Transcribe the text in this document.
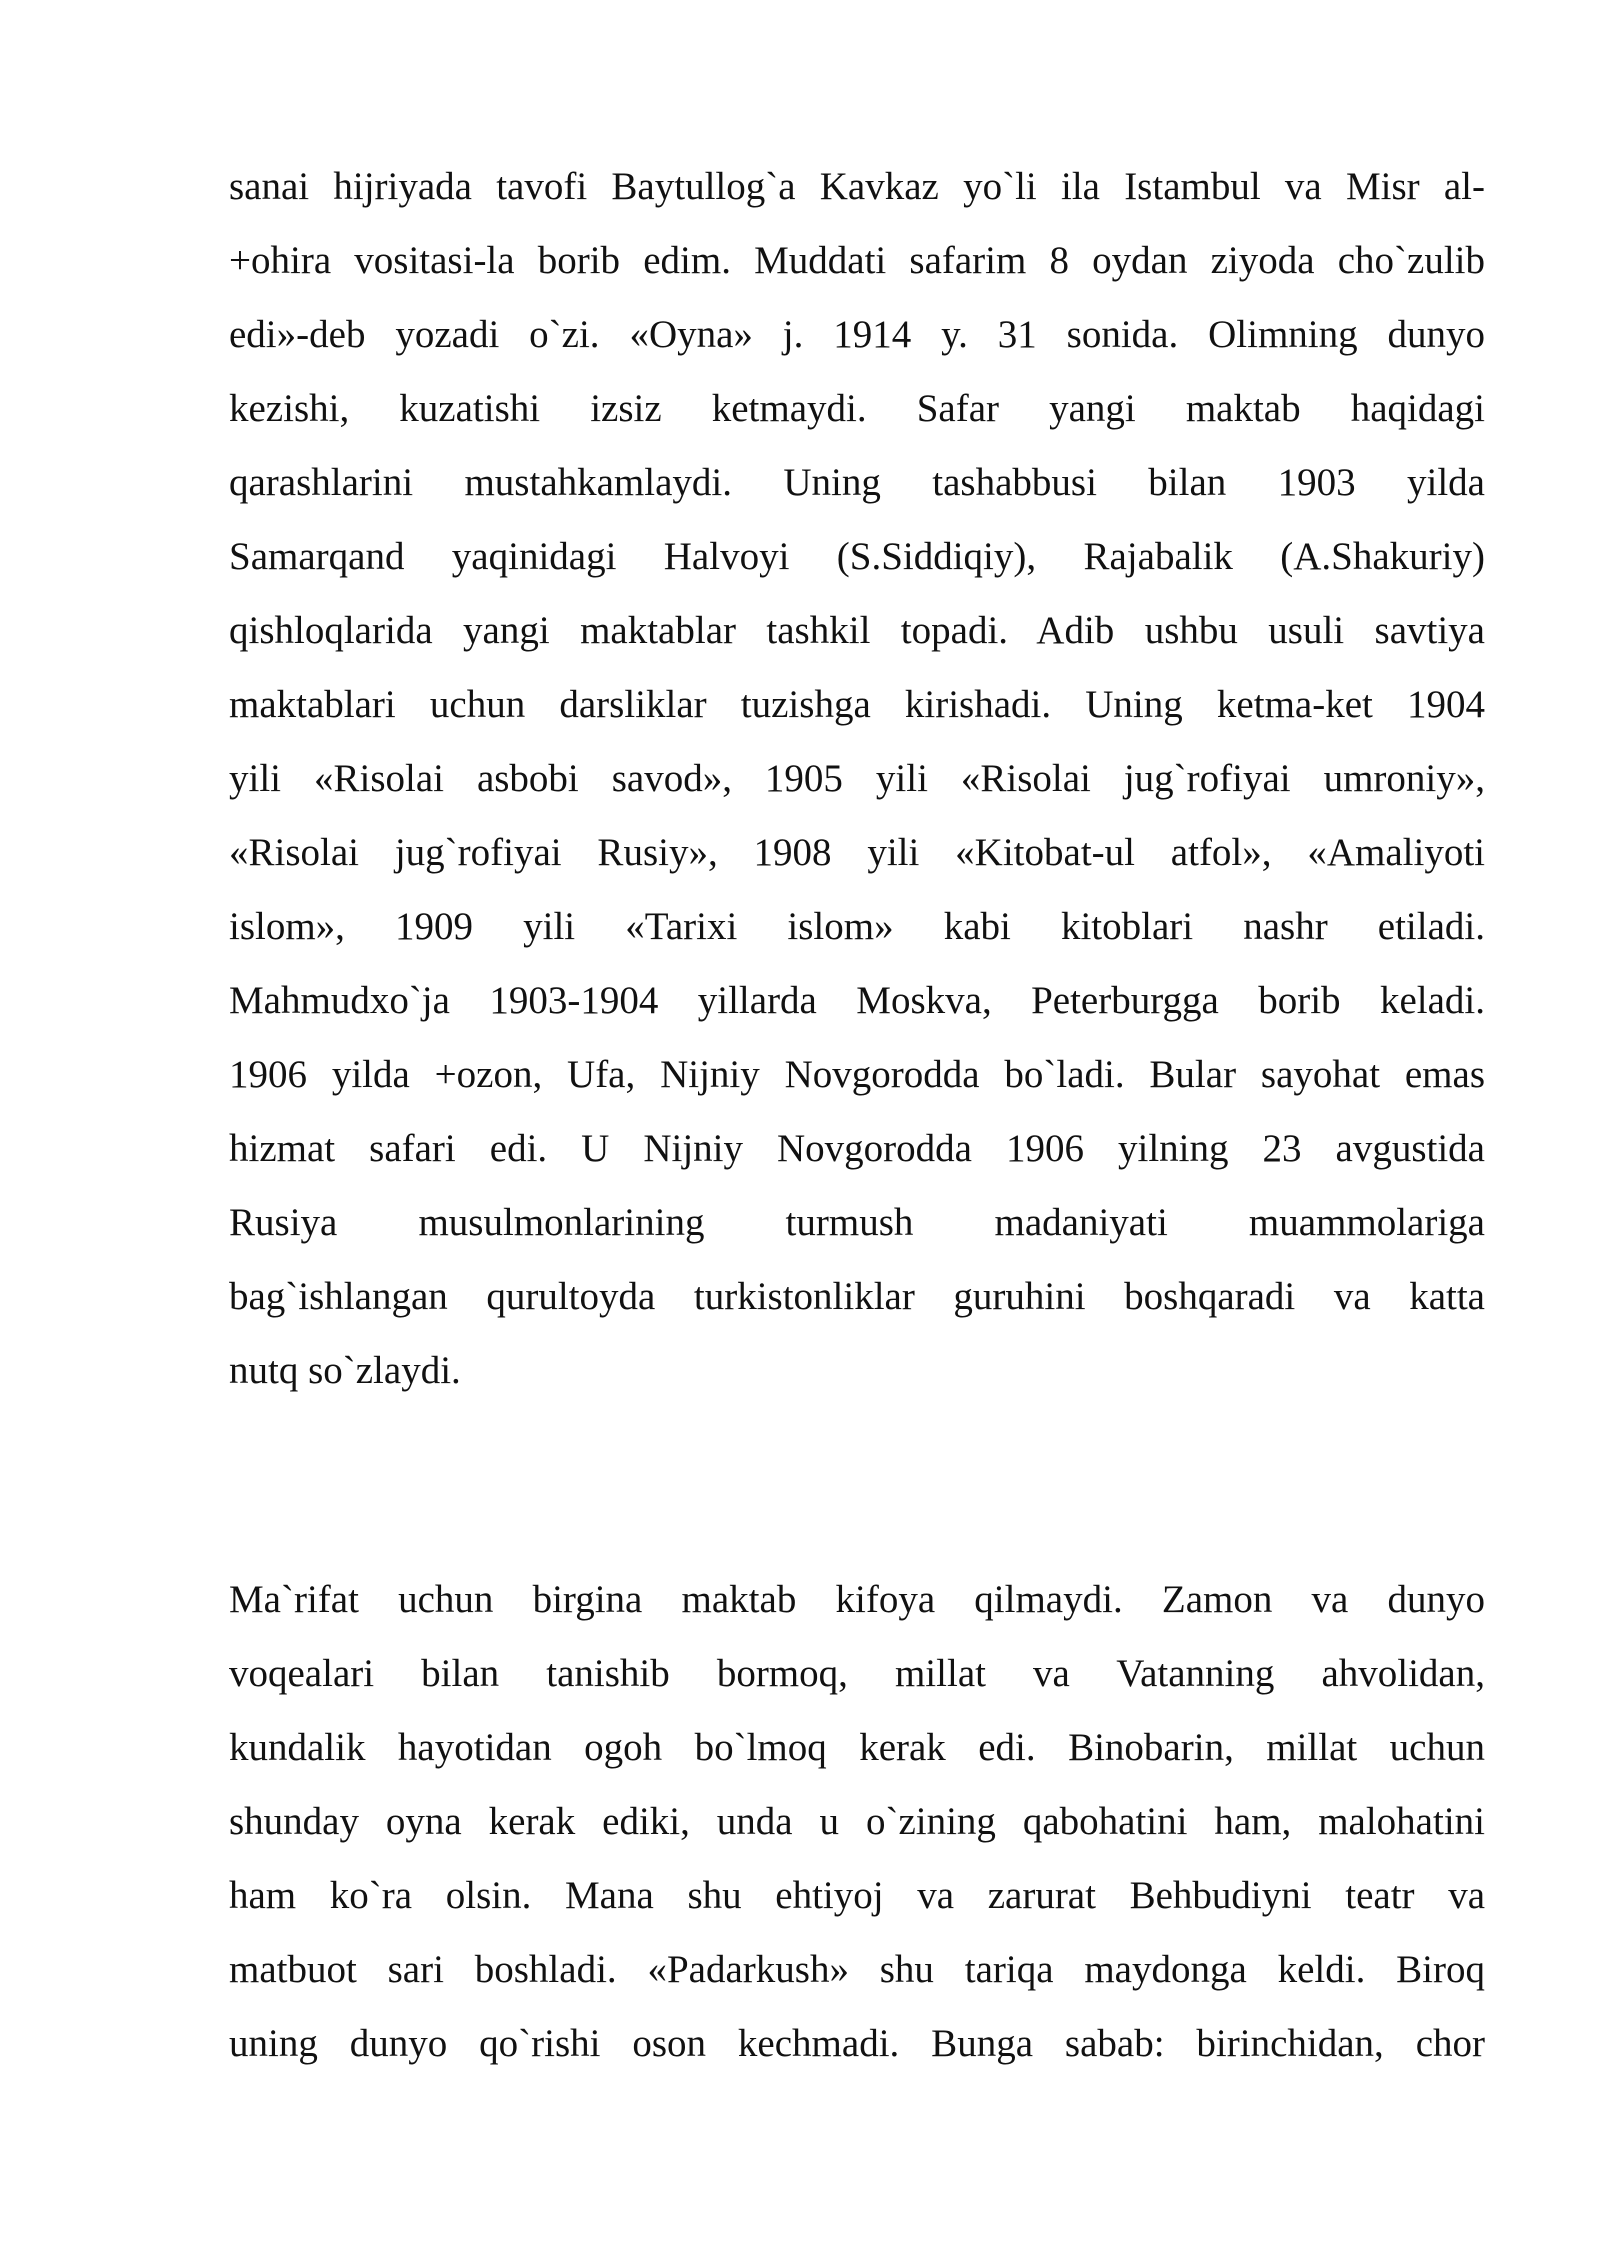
sanai hijriyada tavofi Baytullog`a Kavkaz yo`li ila Istambul va Misr al-
+ohira vositasi-la borib edim. Muddati safarim 8 oydan ziyoda cho`zulib
edi»-deb yozadi o`zi. «Oyna» j. 1914 y. 31 sonida. Olimning dunyo
kezishi, kuzatishi izsiz ketmaydi. Safar yangi maktab haqidagi
qarashlarini mustahkamlaydi. Uning tashabbusi bilan 1903 yilda
Samarqand yaqinidagi Halvoyi (S.Siddiqiy), Rajabalik (A.Shakuriy)
qishloqlarida yangi maktablar tashkil topadi. Adib ushbu usuli savtiya
maktablari uchun darsliklar tuzishga kirishadi. Uning ketma-ket 1904
yili «Risolai asbobi savod», 1905 yili «Risolai jug`rofiyai umroniy»,
«Risolai jug`rofiyai Rusiy», 1908 yili «Kitobat-ul atfol», «Amaliyoti
islom», 1909 yili «Tarixi islom» kabi kitoblari nashr etiladi.
Mahmudxo`ja 1903-1904 yillarda Moskva, Peterburgga borib keladi.
1906 yilda +ozon, Ufa, Nijniy Novgorodda bo`ladi. Bular sayohat emas
hizmat safari edi. U Nijniy Novgorodda 1906 yilning 23 avgustida
Rusiya musulmonlarining turmush madaniyati muammolariga
bag`ishlangan qurultoyda turkistonliklar guruhini boshqaradi va katta
nutq so`zlaydi.
Ma`rifat uchun birgina maktab kifoya qilmaydi. Zamon va dunyo
voqealari bilan tanishib bormoq, millat va Vatanning ahvolidan,
kundalik hayotidan ogoh bo`lmoq kerak edi. Binobarin, millat uchun
shunday oyna kerak ediki, unda u o`zining qabohatini ham, malohatini
ham ko`ra olsin. Mana shu ehtiyoj va zarurat Behbudiyni teatr va
matbuot sari boshladi. «Padarkush» shu tariqa maydonga keldi. Biroq
uning dunyo qo`rishi oson kechmadi. Bunga sabab: birinchidan, chor
